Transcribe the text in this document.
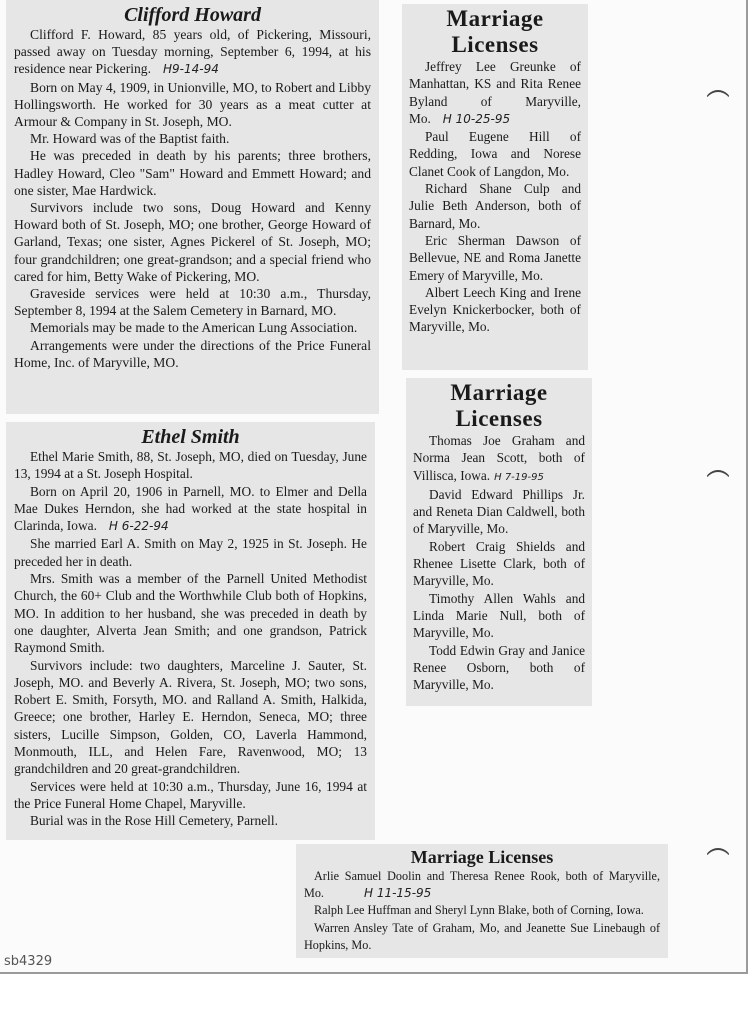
Clifford Howard

Clifford F. Howard, 85 years old, of Pickering, Missouri, passed away on Tuesday morning, September 6, 1994, at his residence near Pickering. H9-14-94

Born on May 4, 1909, in Unionville, MO, to Robert and Libby Hollingsworth. He worked for 30 years as a meat cutter at Armour & Company in St. Joseph, MO.

Mr. Howard was of the Baptist faith.

He was preceded in death by his parents; three brothers, Hadley Howard, Cleo "Sam" Howard and Emmett Howard; and one sister, Mae Hardwick.

Survivors include two sons, Doug Howard and Kenny Howard both of St. Joseph, MO; one brother, George Howard of Garland, Texas; one sister, Agnes Pickerel of St. Joseph, MO; four grandchildren; one great-grandson; and a special friend who cared for him, Betty Wake of Pickering, MO.

Graveside services were held at 10:30 a.m., Thursday, September 8, 1994 at the Salem Cemetery in Barnard, MO.

Memorials may be made to the American Lung Association.

Arrangements were under the directions of the Price Funeral Home, Inc. of Maryville, MO.

Ethel Smith

Ethel Marie Smith, 88, St. Joseph, MO, died on Tuesday, June 13, 1994 at a St. Joseph Hospital.

Born on April 20, 1906 in Parnell, MO. to Elmer and Della Mae Dukes Herndon, she had worked at the state hospital in Clarinda, Iowa. H 6-22-94

She married Earl A. Smith on May 2, 1925 in St. Joseph. He preceded her in death.

Mrs. Smith was a member of the Parnell United Methodist Church, the 60+ Club and the Worthwhile Club both of Hopkins, MO. In addition to her husband, she was preceded in death by one daughter, Alverta Jean Smith; and one grandson, Patrick Raymond Smith.

Survivors include: two daughters, Marceline J. Sauter, St. Joseph, MO. and Beverly A. Rivera, St. Joseph, MO; two sons, Robert E. Smith, Forsyth, MO. and Ralland A. Smith, Halkida, Greece; one brother, Harley E. Herndon, Seneca, MO; three sisters, Lucille Simpson, Golden, CO, Laverla Hammond, Monmouth, ILL, and Helen Fare, Ravenwood, MO; 13 grandchildren and 20 great-grandchildren.

Services were held at 10:30 a.m., Thursday, June 16, 1994 at the Price Funeral Home Chapel, Maryville.

Burial was in the Rose Hill Cemetery, Parnell.

Marriage Licenses

Jeffrey Lee Greunke of Manhattan, KS and Rita Renee Byland of Maryville, Mo. H 10-25-95

Paul Eugene Hill of Redding, Iowa and Norese Clanet Cook of Langdon, Mo.

Richard Shane Culp and Julie Beth Anderson, both of Barnard, Mo.

Eric Sherman Dawson of Bellevue, NE and Roma Janette Emery of Maryville, Mo.

Albert Leech King and Irene Evelyn Knickerbocker, both of Maryville, Mo.

Marriage Licenses

Thomas Joe Graham and Norma Jean Scott, both of Villisca, Iowa. H 7-19-95

David Edward Phillips Jr. and Reneta Dian Caldwell, both of Maryville, Mo.

Robert Craig Shields and Rhenee Lisette Clark, both of Maryville, Mo.

Timothy Allen Wahls and Linda Marie Null, both of Maryville, Mo.

Todd Edwin Gray and Janice Renee Osborn, both of Maryville, Mo.

Marriage Licenses

Arlie Samuel Doolin and Theresa Renee Rook, both of Maryville, Mo.	H 11-15-95

Ralph Lee Huffman and Sheryl Lynn Blake, both of Corning, Iowa.

Warren Ansley Tate of Graham, Mo, and Jeanette Sue Linebaugh of Hopkins, Mo.

sb4329
